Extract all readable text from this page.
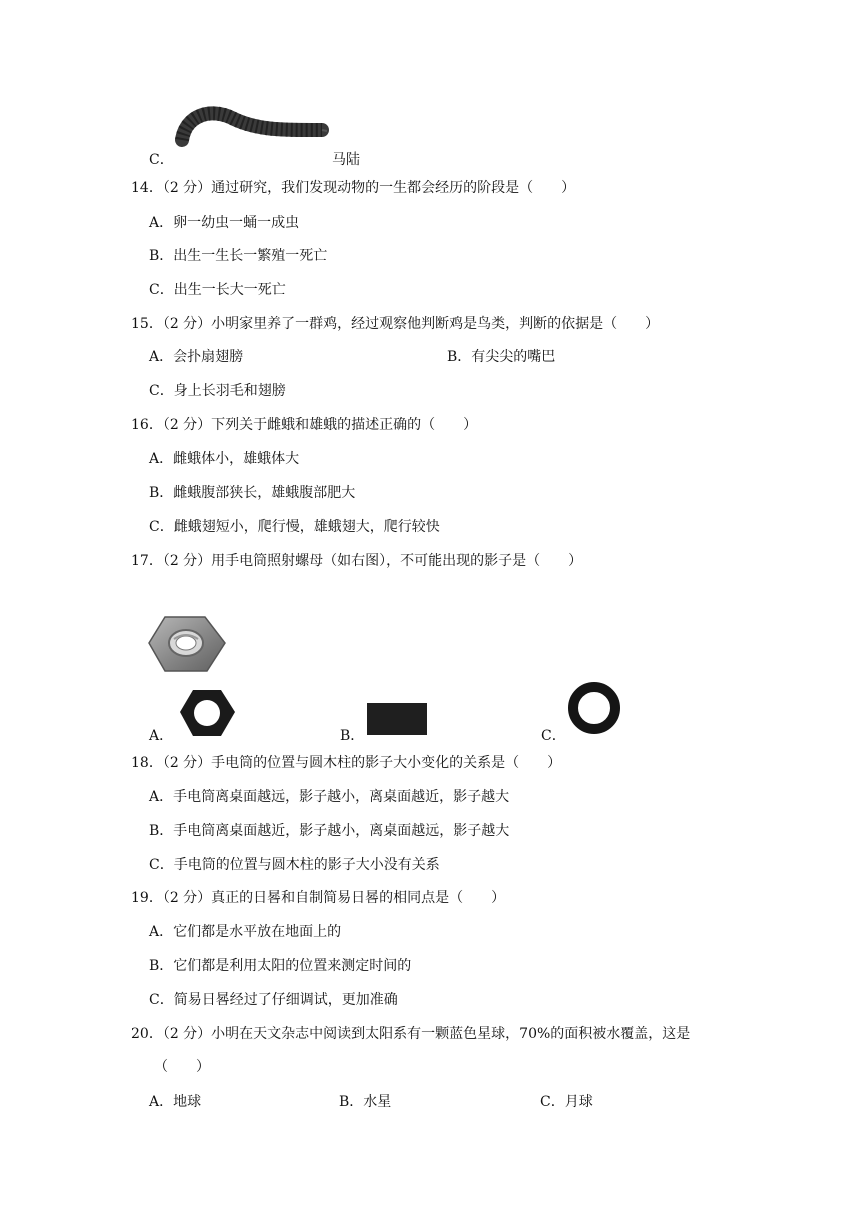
C．	马陆
14．（2 分）通过研究，我们发现动物的一生都会经历的阶段是（　　）
A．卵一幼虫一蛹一成虫
B．出生一生长一繁殖一死亡
C．出生一长大一死亡
15．（2 分）小明家里养了一群鸡，经过观察他判断鸡是鸟类，判断的依据是（　　）
A．会扑扇翅膀	B．有尖尖的嘴巴
C．身上长羽毛和翅膀
16．（2 分）下列关于雌蛾和雄蛾的描述正确的（　　）
A．雌蛾体小，雄蛾体大
B．雌蛾腹部狭长，雄蛾腹部肥大
C．雌蛾翅短小，爬行慢，雄蛾翅大，爬行较快
17．（2 分）用手电筒照射螺母（如右图），不可能出现的影子是（　　）
A．	B．	C．
18．（2 分）手电筒的位置与圆木柱的影子大小变化的关系是（　　）
A．手电筒离桌面越远，影子越小，离桌面越近，影子越大
B．手电筒离桌面越近，影子越小，离桌面越远，影子越大
C．手电筒的位置与圆木柱的影子大小没有关系
19．（2 分）真正的日晷和自制简易日晷的相同点是（　　）
A．它们都是水平放在地面上的
B．它们都是利用太阳的位置来测定时间的
C．简易日晷经过了仔细调试，更加准确
20．（2 分）小明在天文杂志中阅读到太阳系有一颗蓝色星球，70%的面积被水覆盖，这是
（　　）
A．地球	B．水星	C．月球
